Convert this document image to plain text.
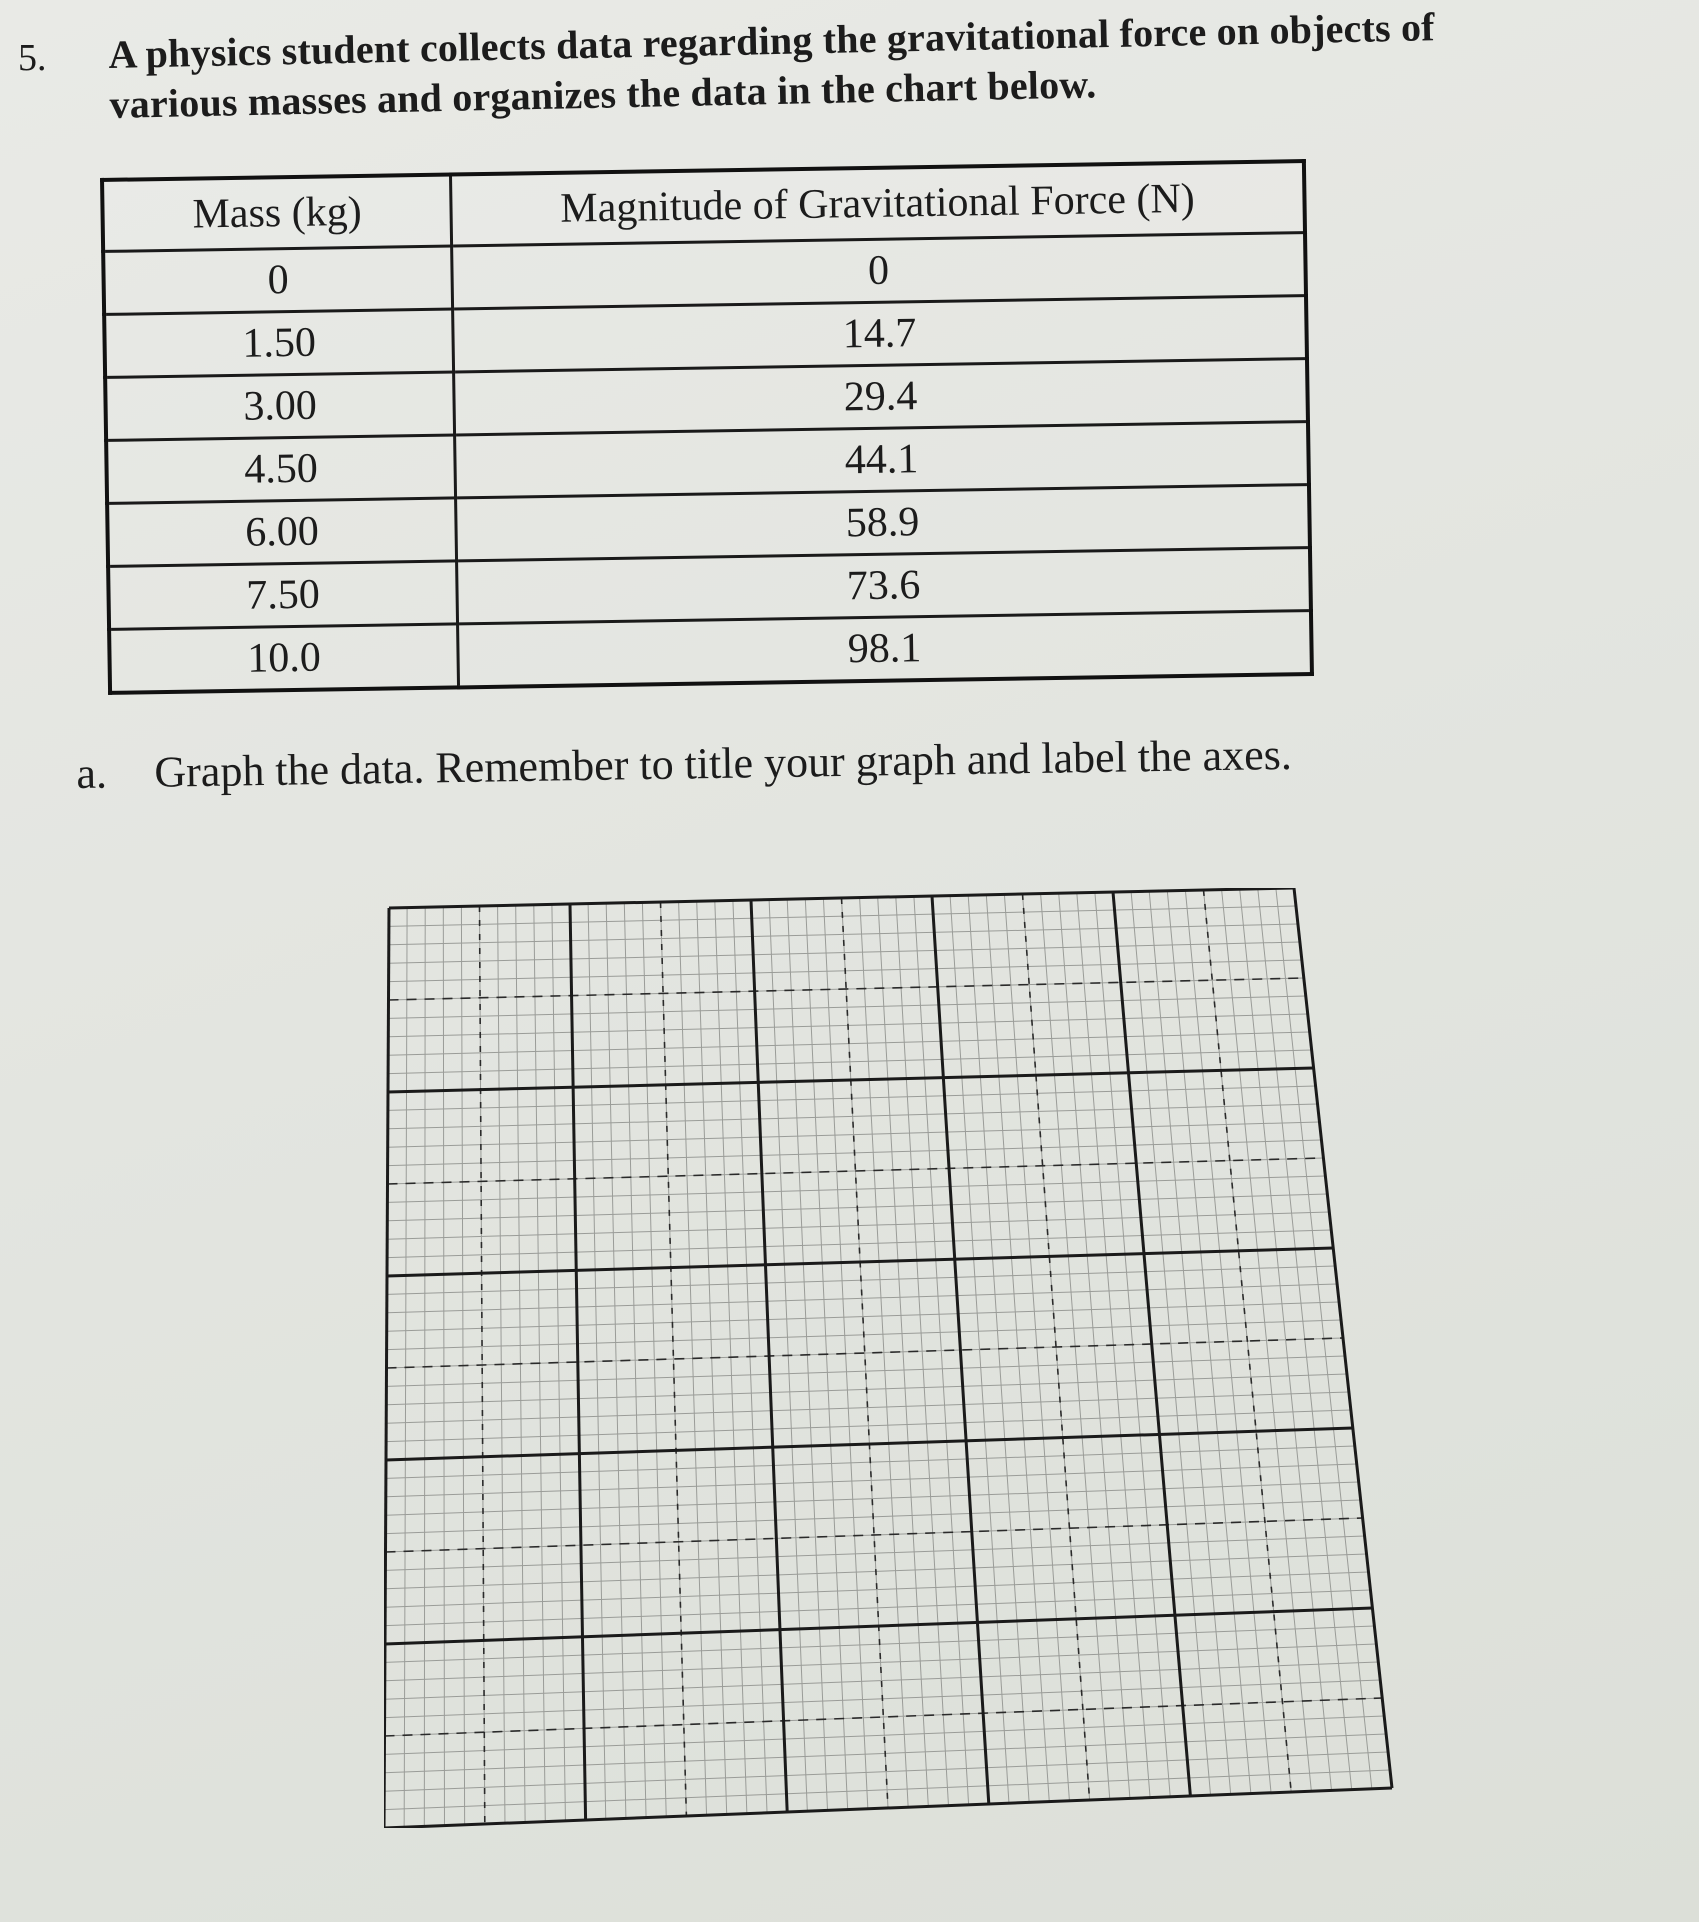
5. A physics student collects data regarding the gravitational force on objects of various masses and organizes the data in the chart below.
Mass (kg)	Magnitude of Gravitational Force (N)
0	0
1.50	14.7
3.00	29.4
4.50	44.1
6.00	58.9
7.50	73.6
10.0	98.1
a. Graph the data. Remember to title your graph and label the axes.
